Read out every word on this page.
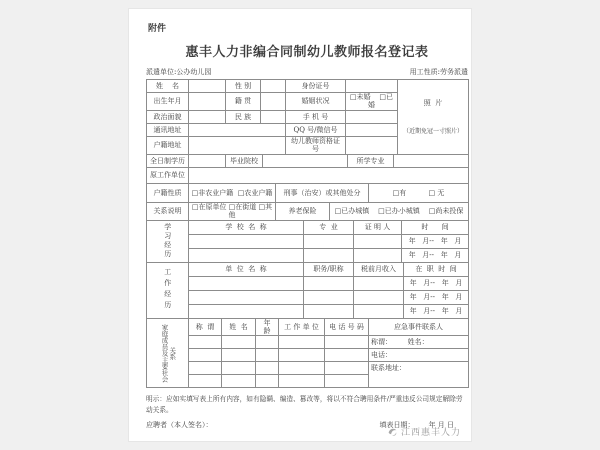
附件
惠丰人力非编合同制幼儿教师报名登记表
派遣单位:公办幼儿园	用工性质:劳务派遣
姓    名		性 别		身份证号		照  片

（近期免冠一寸照片）

出生年月		籍 贯		婚姻状况	□未婚    □已婚	
政治面貌		民 族		手 机 号		
通讯地址				QQ 号/微信号		
户籍地址				幼儿教师资格证号		
全日制学历		毕业院校		所学专业	
原工作单位	
户籍性质	□非农业户籍  □农业户籍	刑事（治安）或其他处分	□有          □ 无
关系说明	□在原单位 □在街道 □其他	养老保险	□已办城镇    □已办小城镇    □尚未投保
学习经历	学  校  名  称	专  业	证 明 人	时      间
				年   月--   年   月
				年   月--   年   月
工作经历	单  位  名  称	职务/职称	税前月收入	在  职  时  间
				年   月--   年   月
				年   月--   年   月
				年   月--   年   月
家庭成员及主要社会关系	称  谓	姓  名	年  龄	工 作 单 位	电 话 号 码	应急事件联系人
						称谓：       姓名：
						电话：
						联系地址：

明示：应如实填写表上所有内容，如有隐瞒、编造、篡改等，将以不符合聘用条件/严重违反公司规定解除劳动关系。
应聘者（本人签名）：	填表日期： 年 月 日
江西惠丰人力
